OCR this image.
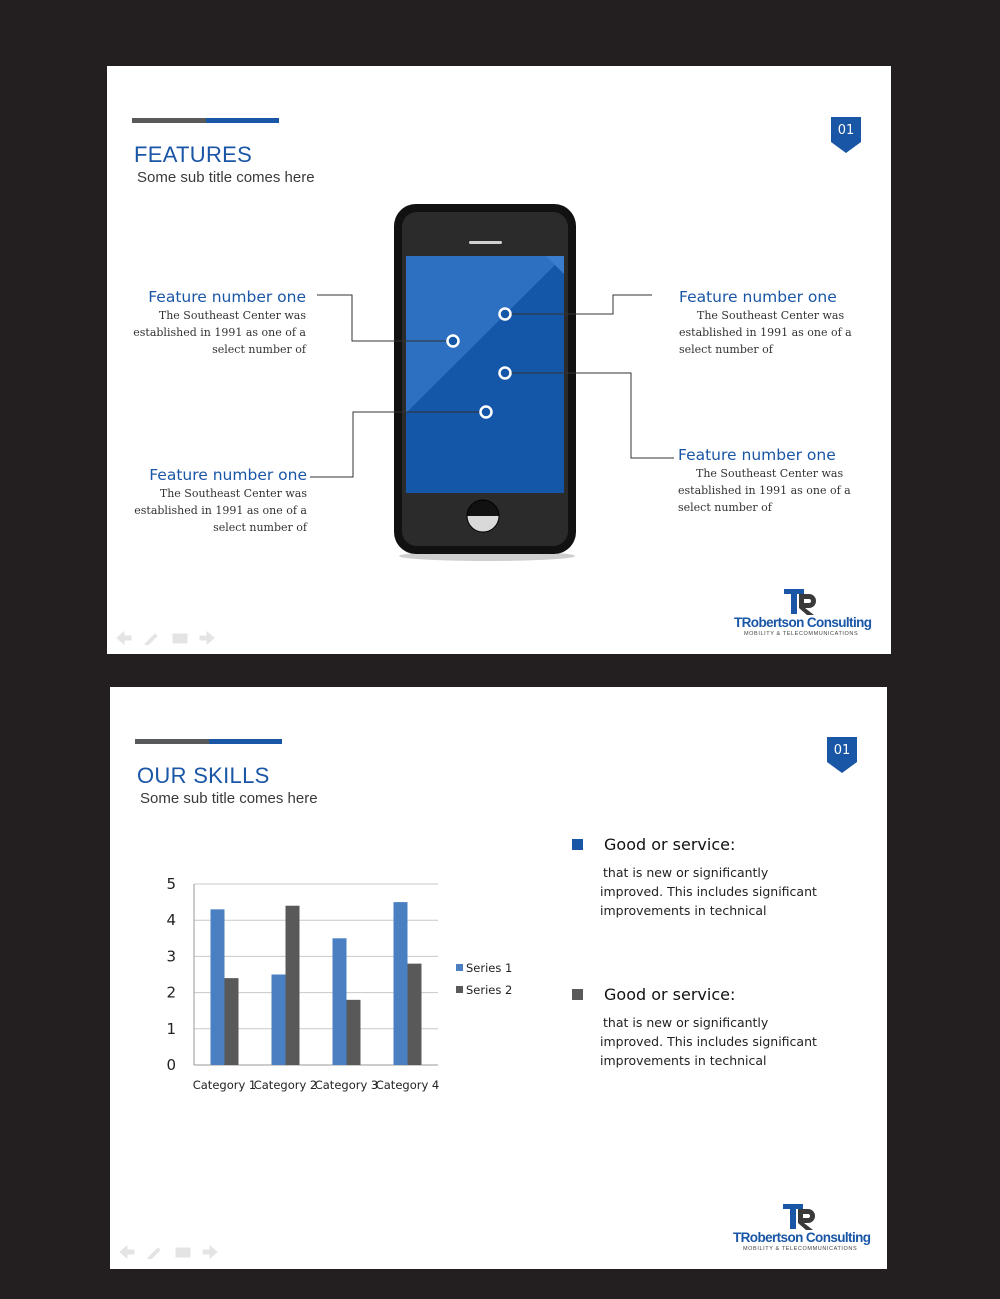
FEATURES
Some sub title comes here
01
Feature number one
The Southeast Center was
established in 1991 as one of a
select number of
Feature number one
The Southeast Center was
established in 1991 as one of a
select number of
Feature number one
The Southeast Center was
established in 1991 as one of a
select number of
Feature number one
The Southeast Center was
established in 1991 as one of a
select number of
TRobertson Consulting
MOBILITY & TELECOMMUNICATIONS
OUR SKILLS
Some sub title comes here
01
0
1
2
3
4
5
Category 1
Category 2
Category 3
Category 4
Series 1
Series 2
Good or service:
that is new or significantly
improved. This includes significant
improvements in technical
Good or service:
that is new or significantly
improved. This includes significant
improvements in technical
TRobertson Consulting
MOBILITY & TELECOMMUNICATIONS
